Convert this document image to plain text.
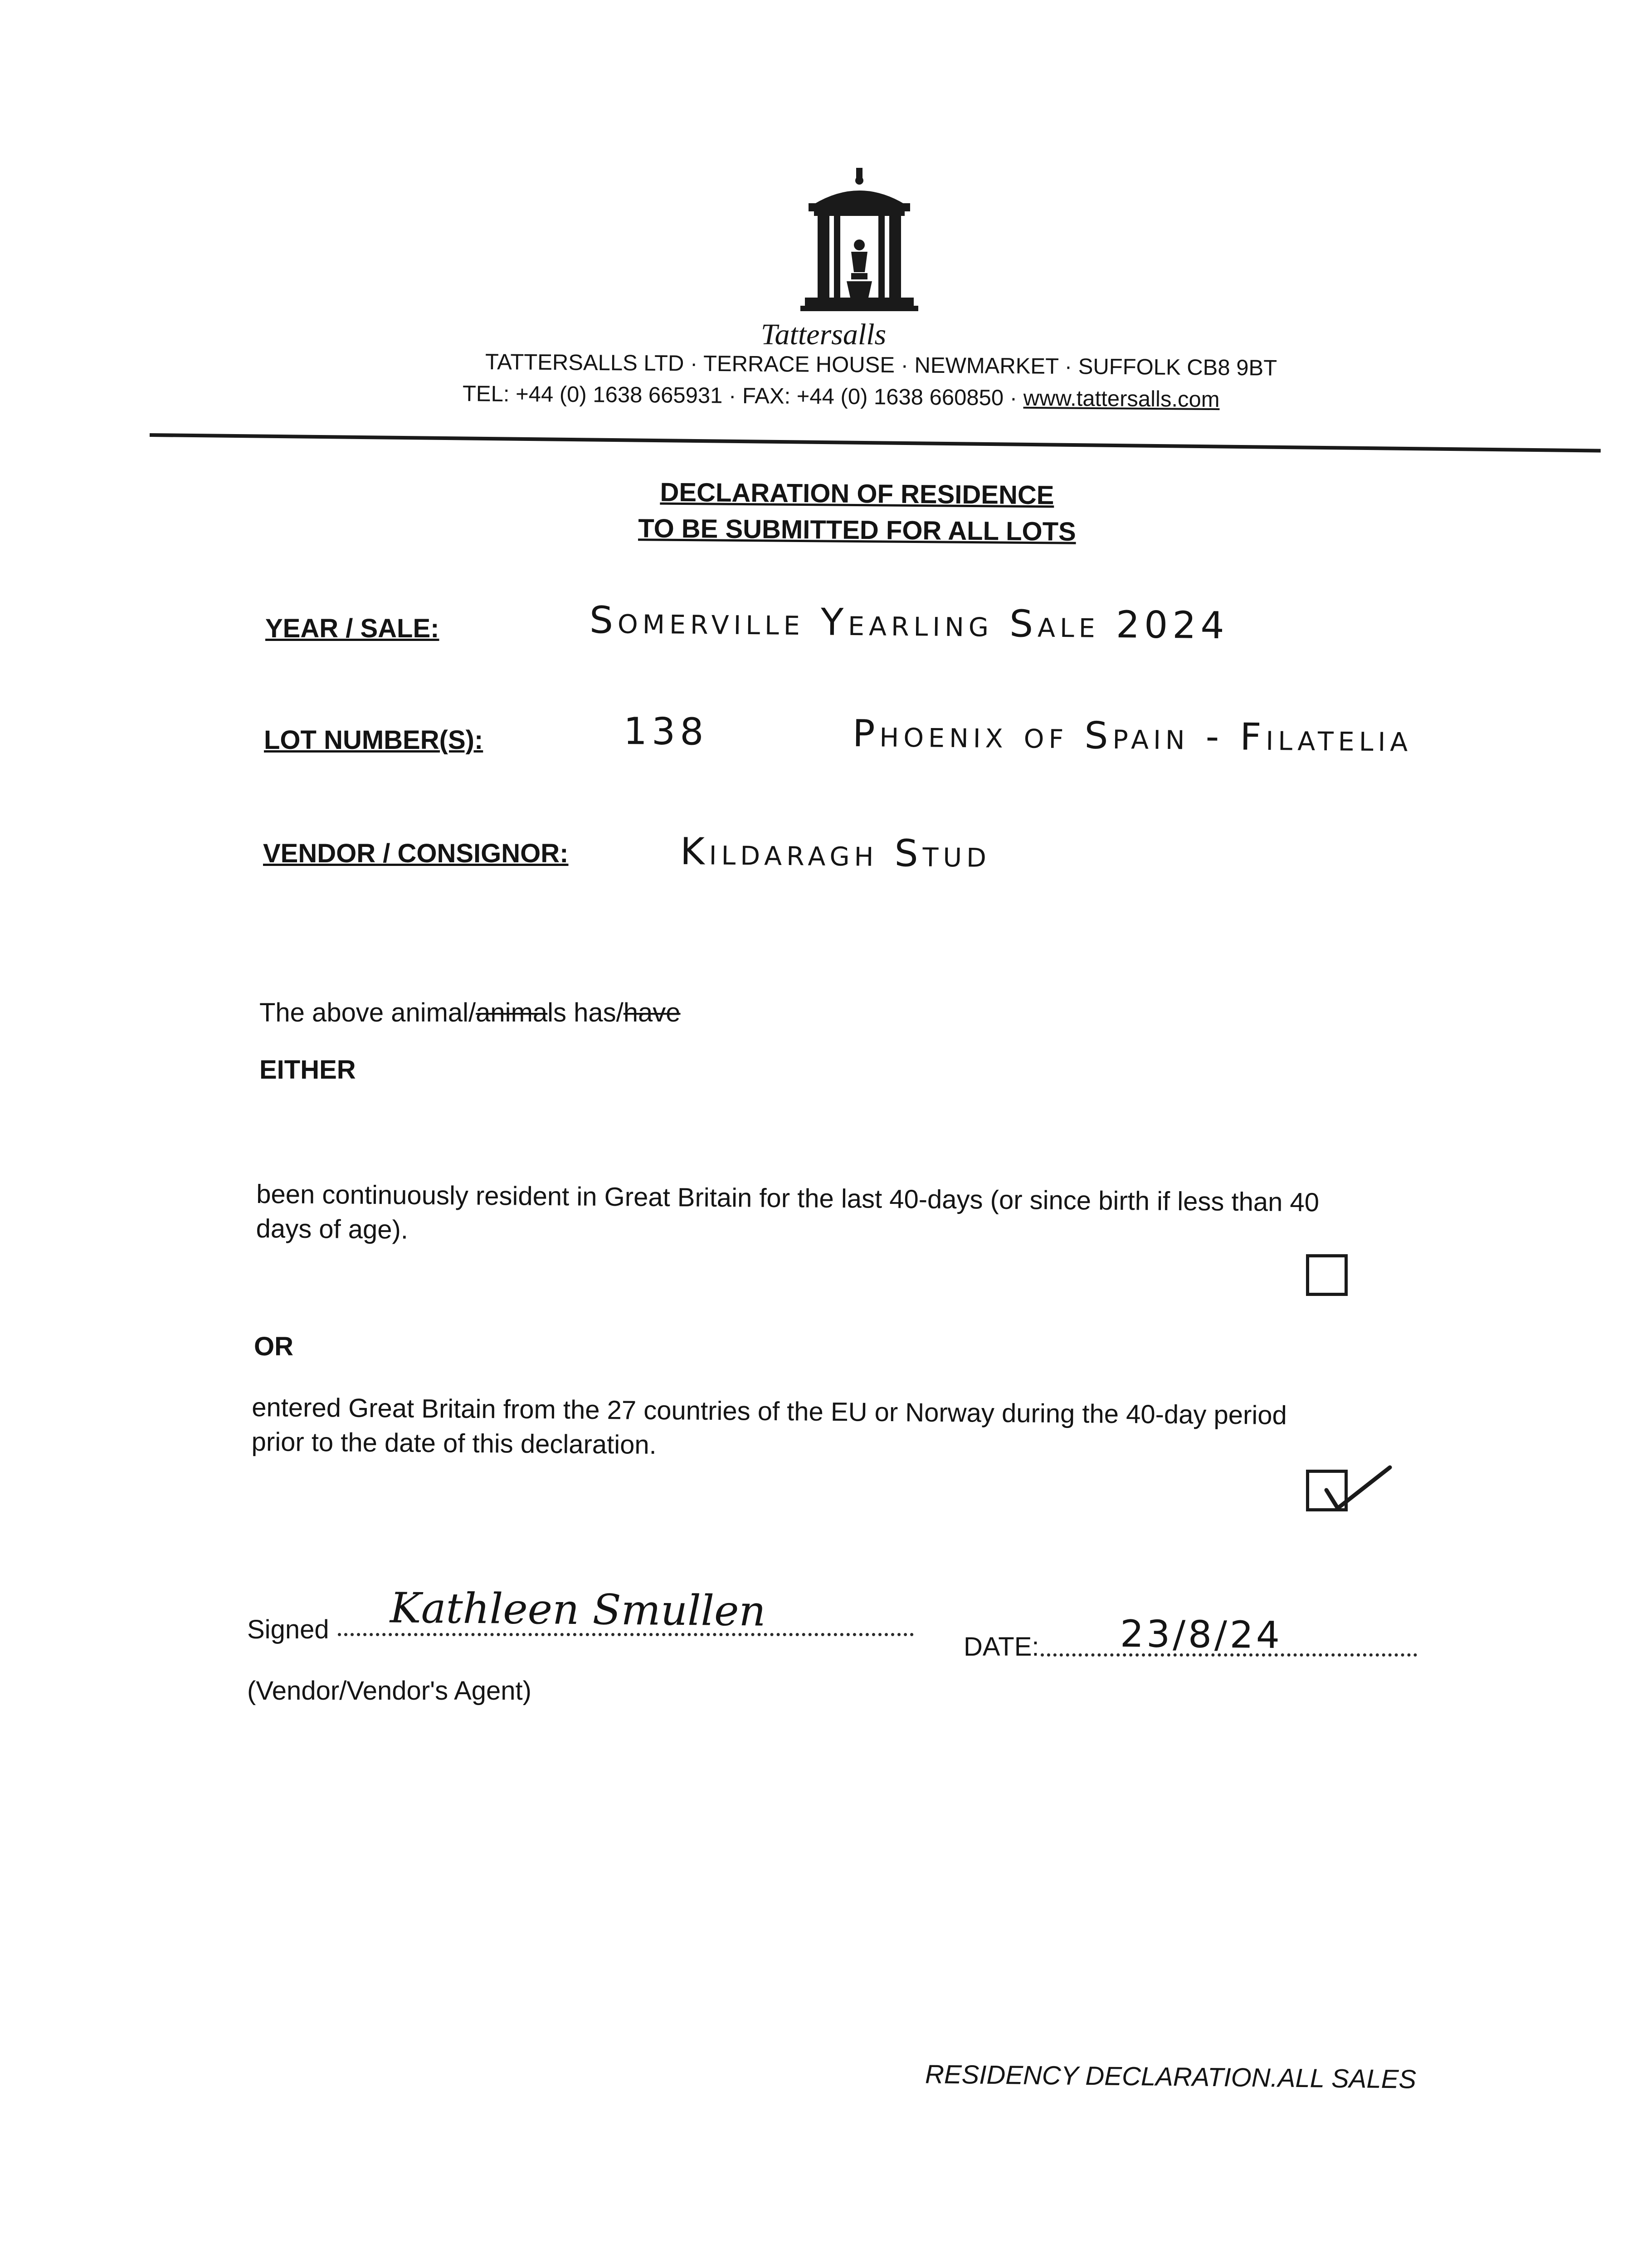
Tattersalls
TATTERSALLS LTD · TERRACE HOUSE · NEWMARKET · SUFFOLK CB8 9BT
TEL: +44 (0) 1638 665931 · FAX: +44 (0) 1638 660850 · www.tattersalls.com
DECLARATION OF RESIDENCE
TO BE SUBMITTED FOR ALL LOTS
YEAR / SALE:	Somerville Yearling Sale 2024
LOT NUMBER(S):	138	Phoenix of Spain - Filatelia
VENDOR / CONSIGNOR:	Kildaragh Stud
The above animal/animals has/have
EITHER
been continuously resident in Great Britain for the last 40-days (or since birth if less than 40
days of age).
OR
entered Great Britain from the 27 countries of the EU or Norway during the 40-day period
prior to the date of this declaration.
Signed Kathleen Smullen
DATE: 23/8/24
(Vendor/Vendor's Agent)
RESIDENCY DECLARATION.ALL SALES
